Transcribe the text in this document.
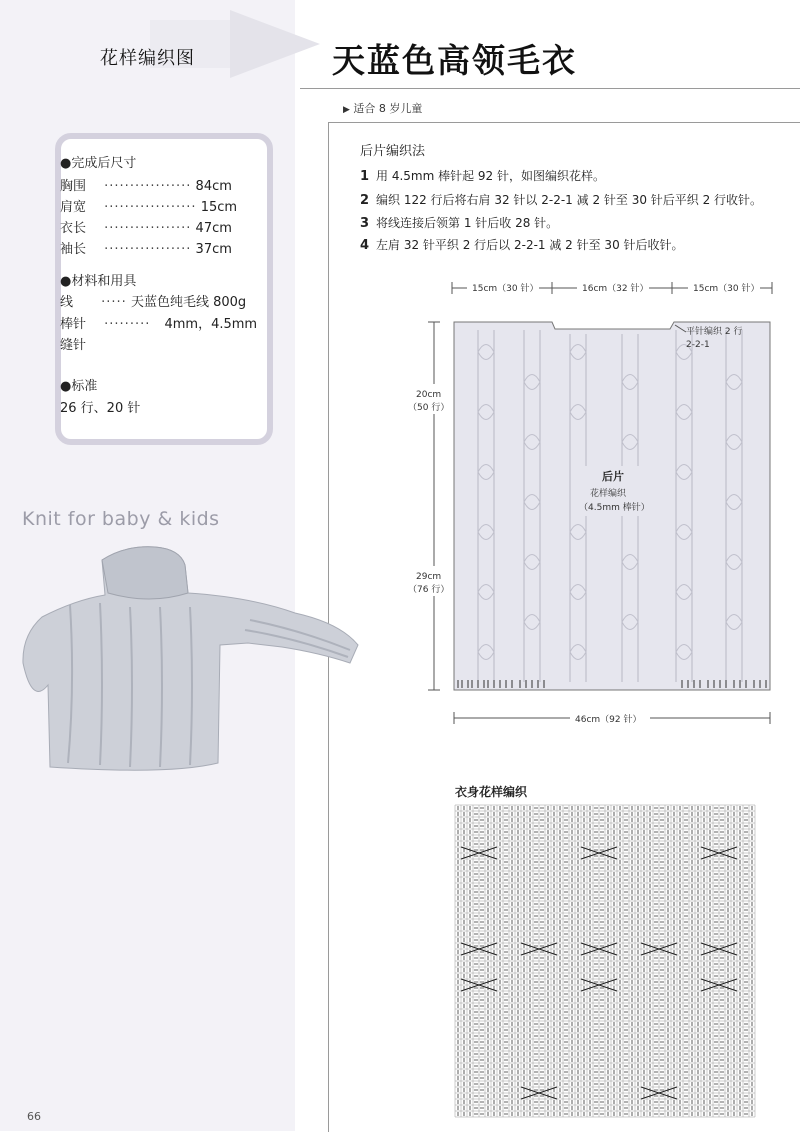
花样编织图	天蓝色高领毛衣
▶ 适合 8 岁儿童
●完成后尺寸
胸围 ················· 84cm
肩宽 ·················· 15cm
衣长 ················· 47cm
袖长 ················· 37cm
●材料和用具
线 ····· 天蓝色纯毛线 800g
棒针 ········· 4mm，4.5mm
缝针
●标准
26 行、20 针
Knit for baby & kids
后片编织法
1 用 4.5mm 棒针起 92 针，如图编织花样。
2 编织 122 行后将右肩 32 针以 2-2-1 减 2 针至 30 针后平织 2 行收针。
3 将线连接后领第 1 针后收 28 针。
4 左肩 32 针平织 2 行后以 2-2-1 减 2 针至 30 针后收针。
15cm（30 针）	16cm（32 针）	15cm（30 针）
平针编织 2 行
2-2-1
20cm
（50 行）
29cm
（76 行）
后片
花样编织
（4.5mm 棒针）
46cm（92 针）
衣身花样编织
66
